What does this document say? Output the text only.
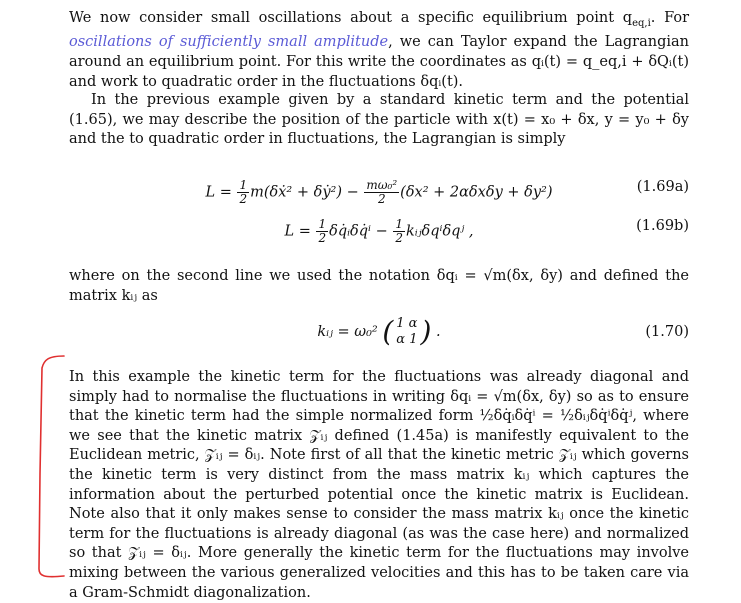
We now consider small oscillations about a specific equilibrium point $q_{eq,i}$. For oscillations of sufficiently small amplitude, we can Taylor expand the Lagrangian around an equilibrium point. For this write the coordinates as qᵢ(t) = q_eq,i + δQᵢ(t) and work to quadratic order in the fluctuations δqᵢ(t).
In the previous example given by a standard kinetic term and the potential (1.65), we may describe the position of the particle with x(t) = x₀ + δx, y = y₀ + δy and the to quadratic order in fluctuations, the Lagrangian is simply
$L = \frac{1}{2}$ m(δẋ² + δẏ²) − $\frac{\text{mω₀²}}{2} (\delta x^2 + 2\alpha\delta x\delta y + \delta y^2)$	(1.69a)
$L = \frac{1}{2}$ δq̇ᵢδq̇ⁱ − $\frac{1}{2}$ kᵢⱼδqⁱδqʲ ,	(1.69b)
where on the second line we used the notation δqᵢ = √m(δx, δy) and defined the matrix kᵢⱼ as
kᵢⱼ = ω₀² ( 1 α
α 1 ) .	(1.70)
In this example the kinetic term for the fluctuations was already diagonal and simply had to normalise the fluctuations in writing δqᵢ = √m(δx, δy) so as to ensure that the kinetic term had the simple normalized form ½δq̇ᵢδq̇ⁱ = ½δᵢⱼδq̇ⁱδq̇ʲ, where we see that the kinetic matrix 𝒵ᵢⱼ defined (1.45a) is manifestly equivalent to the Euclidean metric, 𝒵ᵢⱼ = δᵢⱼ. Note first of all that the kinetic metric 𝒵ᵢⱼ which governs the kinetic term is very distinct from the mass matrix kᵢⱼ which captures the information about the perturbed potential once the kinetic matrix is Euclidean. Note also that it only makes sense to consider the mass matrix kᵢⱼ once the kinetic term for the fluctuations is already diagonal (as was the case here) and normalized so that 𝒵ᵢⱼ = δᵢⱼ. More generally the kinetic term for the fluctuations may involve mixing between the various generalized velocities and this has to be taken care via a Gram-Schmidt diagonalization.
